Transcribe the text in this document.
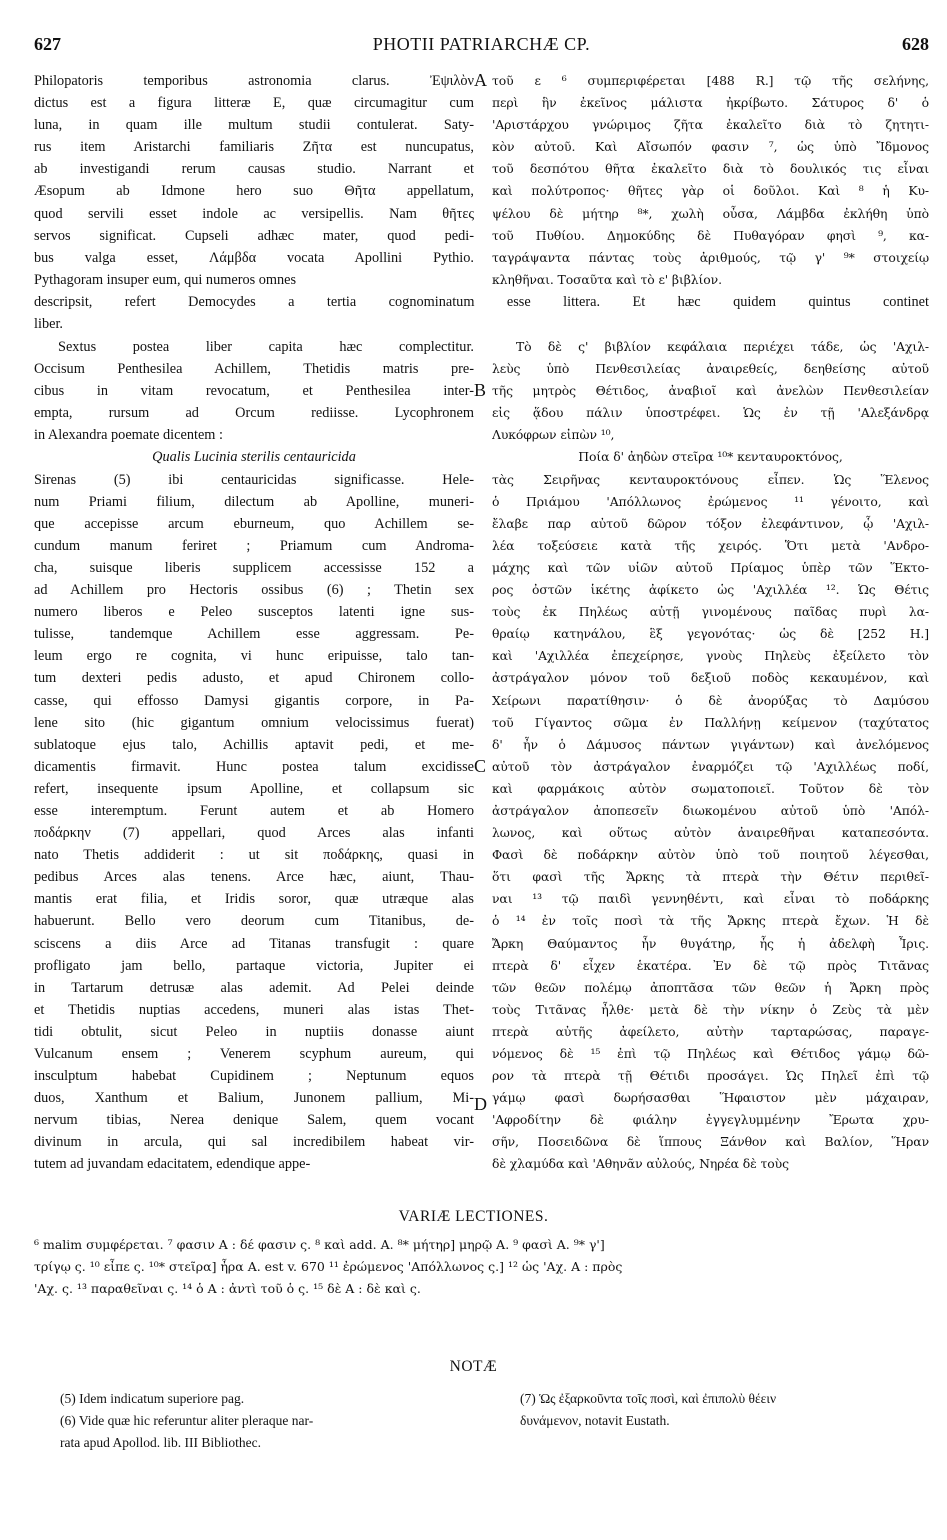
627	PHOTII PATRIARCHÆ CP.	628
Philopatoris temporibus astronomia clarus. Ἐψιλὸν
dictus est a figura litteræ E, quæ circumagitur cum
luna, in quam ille multum studii contulerat. Saty-
rus item Aristarchi familiaris Ζῆτα est nuncupatus,
ab investigandi rerum causas studio. Narrant et
Æsopum ab Idmone hero suo Θῆτα appellatum,
quod servili esset indole ac versipellis. Nam θῆτες
servos significat. Cupseli adhæc mater, quod pedi-
bus valga esset, Λάμβδα vocata Apollini Pythio.
Pythagoram insuper eum, qui numeros omnes
τοῦ ε ⁶ συμπεριφέρεται [488 R.] τῷ τῆς σελήνης,
περὶ ἣν ἐκεῖνος μάλιστα ἠκρίβωτο. Σάτυρος δ' ὁ
'Αριστάρχου γνώριμος ζῆτα ἐκαλεῖτο διὰ τὸ ζητητι-
κὸν αὐτοῦ. Καὶ Αἴσωπόν φασιν ⁷, ὡς ὑπὸ Ἴδμονος
τοῦ δεσπότου θῆτα ἐκαλεῖτο διὰ τὸ δουλικός τις εἶναι
καὶ πολύτροπος· θῆτες γὰρ οἱ δοῦλοι. Καὶ ⁸ ἡ Κυ-
ψέλου δὲ μήτηρ ⁸*, χωλὴ οὖσα, Λάμβδα ἐκλήθη ὑπὸ
τοῦ Πυθίου. Δημοκύδης δὲ Πυθαγόραν φησὶ ⁹, κα-
ταγράψαντα πάντας τοὺς ἀριθμούς, τῷ γ' ⁹* στοιχείῳ
κληθῆναι. Τοσαῦτα καὶ τὸ ε' βιβλίον.
A
descripsit, refert Democydes a tertia cognominatum esse littera. Et hæc quidem quintus continet
liber.
Sextus postea liber capita hæc complectitur.
Occisum Penthesilea Achillem, Thetidis matris pre-
cibus in vitam revocatum, et Penthesilea inter-
empta, rursum ad Orcum rediisse. Lycophronem
in Alexandra poemate dicentem :
Qualis Lucinia sterilis centauricida
Sirenas (5) ibi centauricidas significasse. Hele-
num Priami filium, dilectum ab Apolline, muneri-
que accepisse arcum eburneum, quo Achillem se-
cundum manum feriret ; Priamum cum Androma-
cha, suisque liberis supplicem accessisse 152 a
ad Achillem pro Hectoris ossibus (6) ; Thetin sex
numero liberos e Peleo susceptos latenti igne sus-
tulisse, tandemque Achillem esse aggressam. Pe-
leum ergo re cognita, vi hunc eripuisse, talo tan-
tum dexteri pedis adusto, et apud Chironem collo-
casse, qui effosso Damysi gigantis corpore, in Pa-
lene sito (hic gigantum omnium velocissimus fuerat)
sublatoque ejus talo, Achillis aptavit pedi, et me-
dicamentis firmavit. Hunc postea talum excidisse
refert, insequente ipsum Apolline, et collapsum sic
esse interemptum. Ferunt autem et ab Homero
ποδάρκην (7) appellari, quod Arces alas infanti
nato Thetis addiderit : ut sit ποδάρκης, quasi in
pedibus Arces alas tenens. Arce hæc, aiunt, Thau-
mantis erat filia, et Iridis soror, quæ utræque alas
habuerunt. Bello vero deorum cum Titanibus, de-
sciscens a diis Arce ad Titanas transfugit : quare
profligato jam bello, partaque victoria, Jupiter ei
in Tartarum detrusæ alas ademit. Ad Pelei deinde
et Thetidis nuptias accedens, muneri alas istas Thet-
tidi obtulit, sicut Peleo in nuptiis donasse aiunt
Vulcanum ensem ; Venerem scyphum aureum, qui
insculptum habebat Cupidinem ; Neptunum equos
duos, Xanthum et Balium, Junonem pallium, Mi-
nervum tibias, Nerea denique Salem, quem vocant
divinum in arcula, qui sal incredibilem habeat vir-
tutem ad juvandam edacitatem, edendique appe-
Τὸ δὲ ς' βιβλίον κεφάλαια περιέχει τάδε, ὡς 'Αχιλ-
λεὺς ὑπὸ Πενθεσιλείας ἀναιρεθείς, δεηθείσης αὐτοῦ
τῆς μητρὸς Θέτιδος, ἀναβιοῖ καὶ ἀνελὼν Πενθεσιλείαν
εἰς ᾅδου πάλιν ὑποστρέφει. Ὡς ἐν τῇ 'Αλεξάνδρᾳ
Λυκόφρων εἰπὼν ¹⁰,
Ποία δ' ἀηδὼν στεῖρα ¹⁰* κενταυροκτόνος,
τὰς Σειρῆνας κενταυροκτόνους εἶπεν. Ὡς Ἕλενος
ὁ Πριάμου 'Απόλλωνος ἐρώμενος ¹¹ γένοιτο, καὶ
ἔλαβε παρ αὐτοῦ δῶρον τόξον ἐλεφάντινον, ᾧ 'Αχιλ-
λέα τοξεύσειε κατὰ τῆς χειρός. Ὅτι μετὰ 'Ανδρο-
μάχης καὶ τῶν υἱῶν αὐτοῦ Πρίαμος ὑπὲρ τῶν Ἕκτο-
ρος ὀστῶν ἱκέτης ἀφίκετο ὡς 'Αχιλλέα ¹². Ὡς Θέτις
τοὺς ἐκ Πηλέως αὐτῇ γινομένους παῖδας πυρὶ λα-
θραίῳ κατηνάλου, ἓξ γεγονότας· ὡς δὲ [252 H.]
καὶ 'Αχιλλέα ἐπεχείρησε, γνοὺς Πηλεὺς ἐξείλετο τὸν
ἀστράγαλον μόνον τοῦ δεξιοῦ ποδὸς κεκαυμένον, καὶ
Χείρωνι παρατίθησιν· ὁ δὲ ἀνορύξας τὸ Δαμύσου
τοῦ Γίγαντος σῶμα ἐν Παλλήνῃ κείμενον (ταχύτατος
δ' ἦν ὁ Δάμυσος πάντων γιγάντων) καὶ ἀνελόμενος
αὐτοῦ τὸν ἀστράγαλον ἐναρμόζει τῷ 'Αχιλλέως ποδί,
καὶ φαρμάκοις αὐτὸν σωματοποιεῖ. Τοῦτον δὲ τὸν
ἀστράγαλον ἀποπεσεῖν διωκομένου αὐτοῦ ὑπὸ 'Απόλ-
λωνος, καὶ οὕτως αὐτὸν ἀναιρεθῆναι καταπεσόντα.
Φασὶ δὲ ποδάρκην αὐτὸν ὑπὸ τοῦ ποιητοῦ λέγεσθαι,
ὅτι φασὶ τῆς Ἄρκης τὰ πτερὰ τὴν Θέτιν περιθεῖ-
ναι ¹³ τῷ παιδὶ γεννηθέντι, καὶ εἶναι τὸ ποδάρκης
ὁ ¹⁴ ἐν τοῖς ποσὶ τὰ τῆς Ἄρκης πτερὰ ἔχων. Ἡ δὲ
Ἄρκη Θαύμαντος ἦν θυγάτηρ, ἧς ἡ ἀδελφὴ Ἶρις.
πτερὰ δ' εἶχεν ἑκατέρα. Ἐν δὲ τῷ πρὸς Τιτᾶνας
τῶν θεῶν πολέμῳ ἀποπτᾶσα τῶν θεῶν ἡ Ἄρκη πρὸς
τοὺς Τιτᾶνας ἦλθε· μετὰ δὲ τὴν νίκην ὁ Ζεὺς τὰ μὲν
πτερὰ αὐτῆς ἀφείλετο, αὐτὴν ταρταρώσας, παραγε-
νόμενος δὲ ¹⁵ ἐπὶ τῷ Πηλέως καὶ Θέτιδος γάμῳ δῶ-
ρον τὰ πτερὰ τῇ Θέτιδι προσάγει. Ὡς Πηλεῖ ἐπὶ τῷ
γάμῳ φασὶ δωρήσασθαι Ἥφαιστον μὲν μάχαιραν,
'Αφροδίτην δὲ φιάλην ἐγγεγλυμμένην Ἔρωτα χρυ-
σῆν, Ποσειδῶνα δὲ ἵππους Ξάνθον καὶ Βαλίον, Ἥραν
δὲ χλαμύδα καὶ 'Αθηνᾶν αὐλούς, Νηρέα δὲ τοὺς
B
C
D
VARIÆ LECTIONES.
⁶ malim συμφέρεται. ⁷ φασιν A : δέ φασιν ς. ⁸ καὶ add. A. ⁸* μήτηρ] μηρῷ A. ⁹ φασὶ A. ⁹* γ']
τρίγῳ ς. ¹⁰ εἶπε ς. ¹⁰* στεῖρα] ἦρα A. est v. 670 ¹¹ ἐρώμενος 'Απόλλωνος ς.] ¹² ὡς 'Αχ. A : πρὸς
'Αχ. ς. ¹³ παραθεῖναι ς. ¹⁴ ὁ A : ἀντὶ τοῦ ὁ ς. ¹⁵ δὲ A : δὲ καὶ ς.
NOTÆ
(5) Idem indicatum superiore pag.
(6) Vide quæ hic referuntur aliter pleraque nar-
rata apud Apollod. lib. III Bibliothec.
(7) Ὡς ἐξαρκοῦντα τοῖς ποσὶ, καὶ ἐπιπολὺ θέειν
δυνάμενον, notavit Eustath.
